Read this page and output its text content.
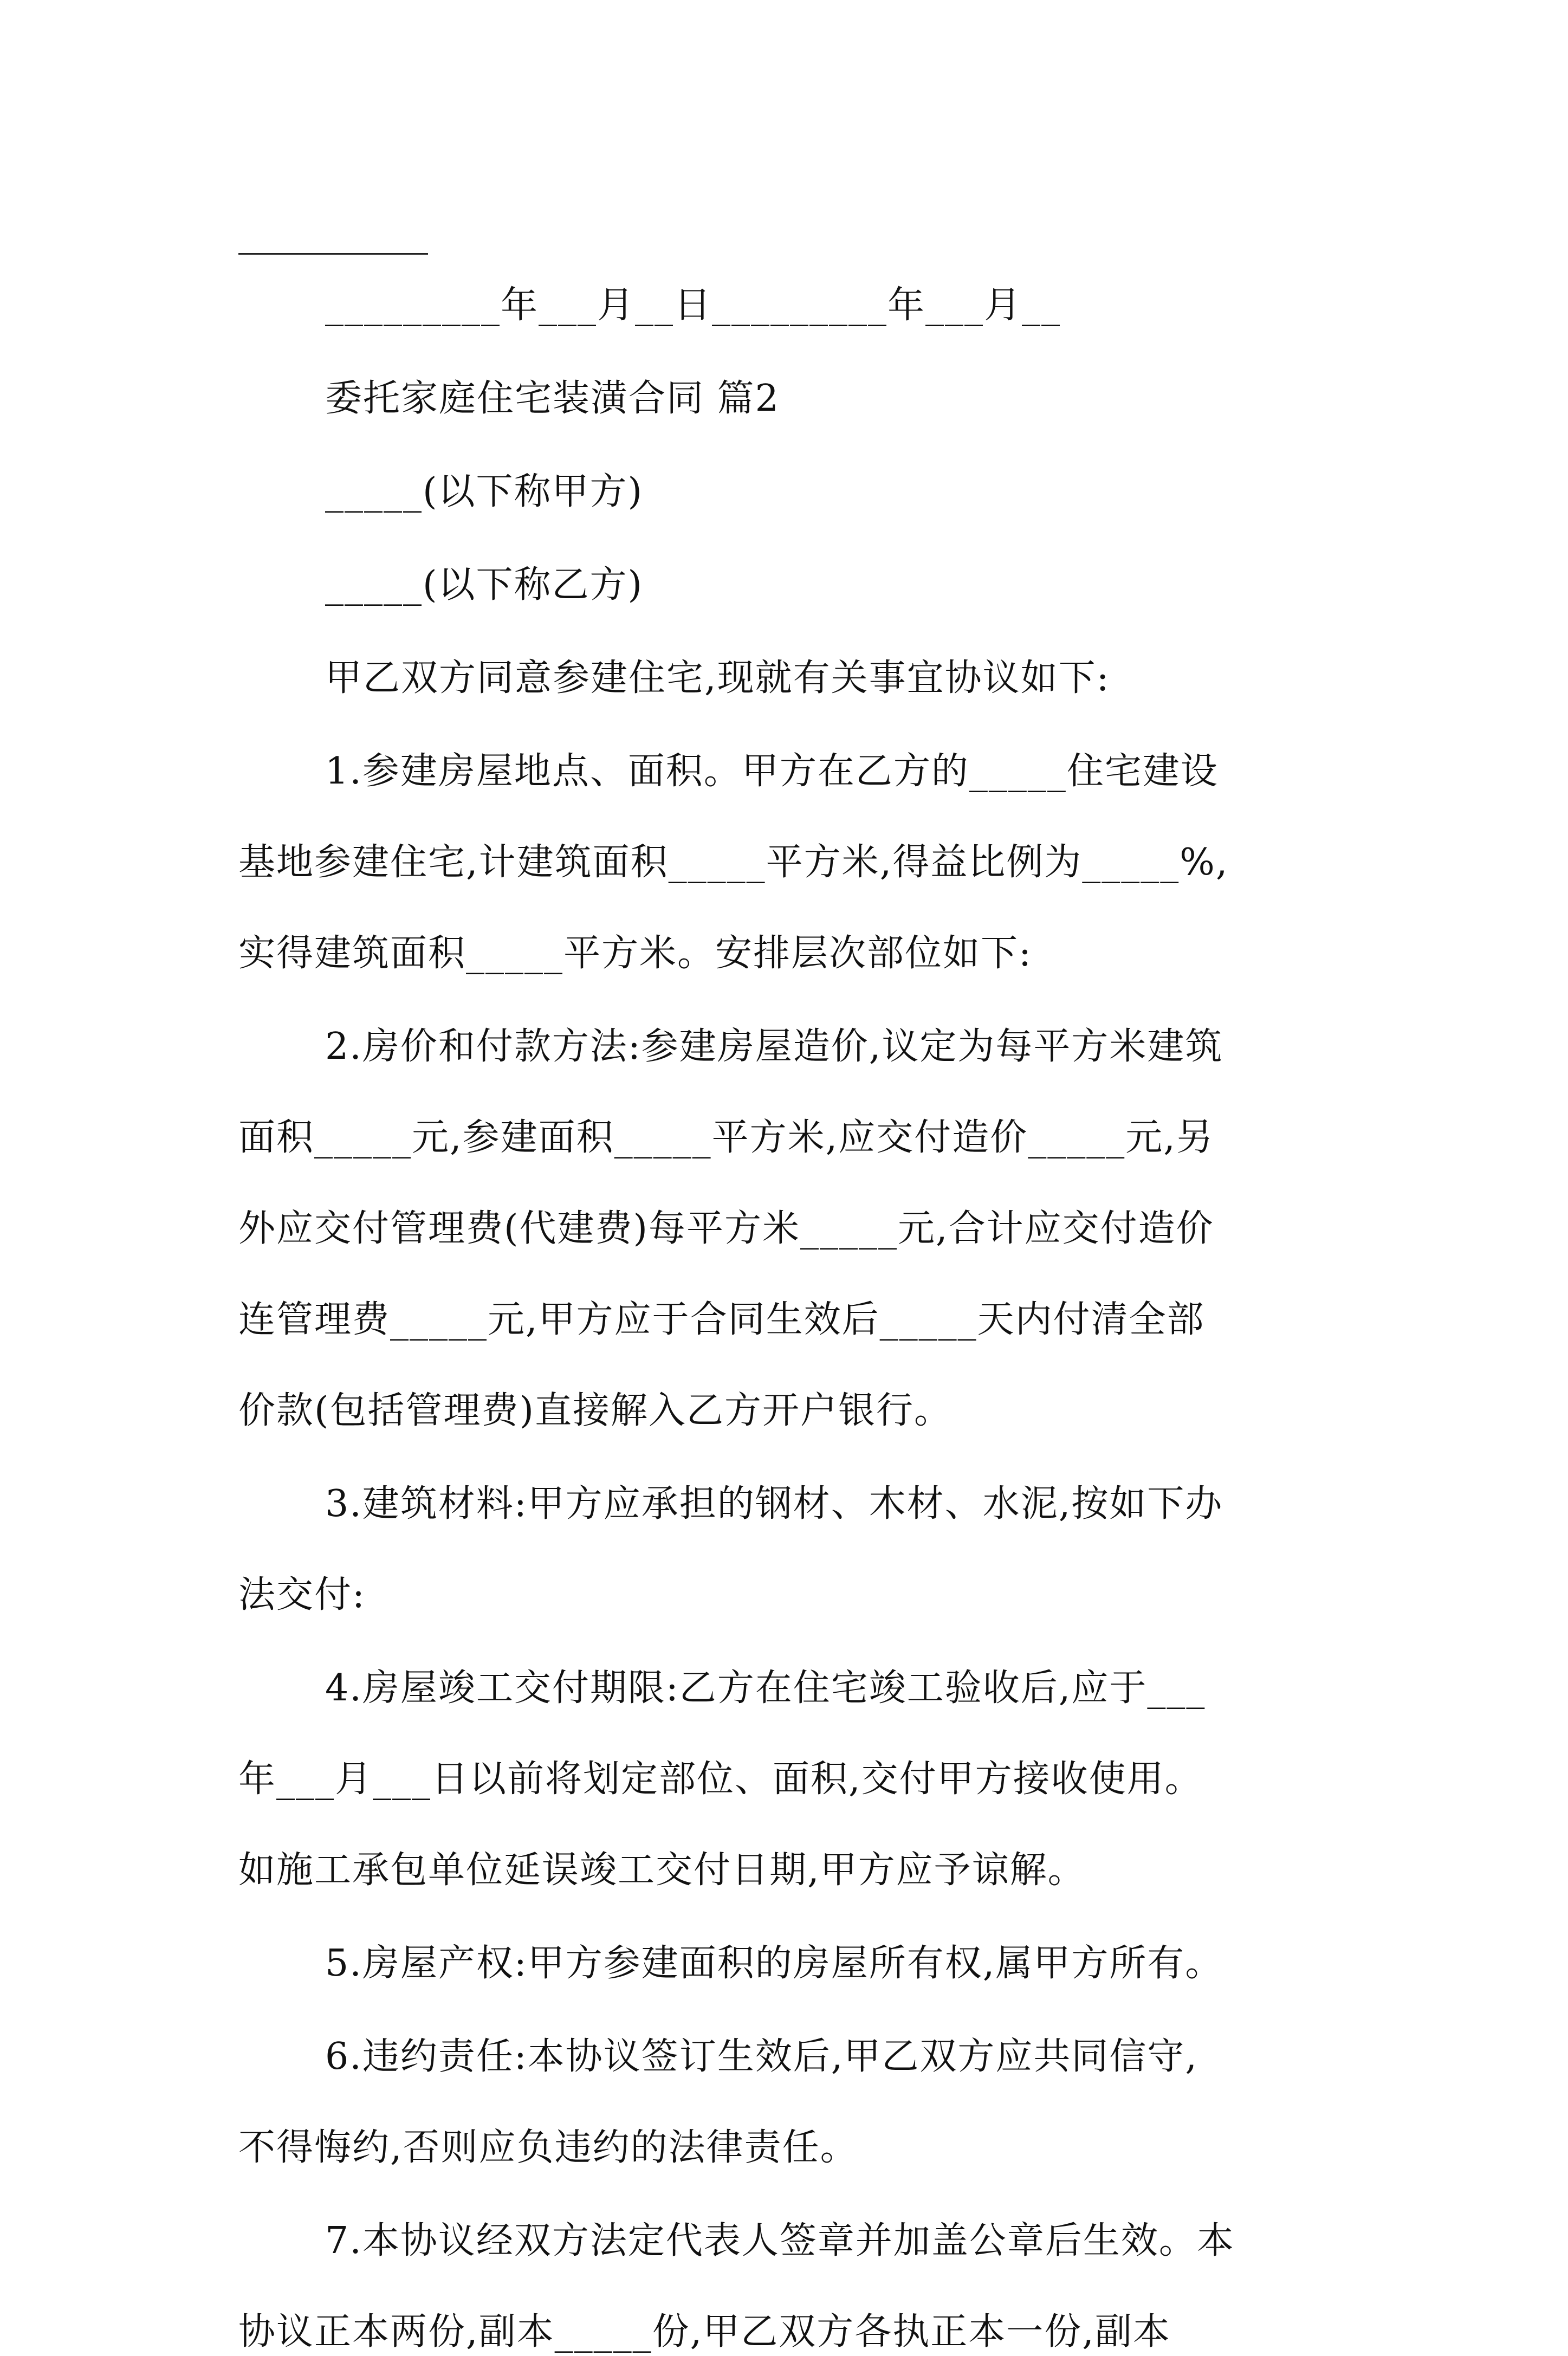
_________年___月__日_________年___月__

委托家庭住宅装潢合同 篇2

_____(以下称甲方)

_____(以下称乙方)

甲乙双方同意参建住宅,现就有关事宜协议如下:

1.参建房屋地点、面积。甲方在乙方的_____住宅建设

基地参建住宅,计建筑面积_____平方米,得益比例为_____%,

实得建筑面积_____平方米。安排层次部位如下:

2.房价和付款方法:参建房屋造价,议定为每平方米建筑

面积_____元,参建面积_____平方米,应交付造价_____元,另

外应交付管理费(代建费)每平方米_____元,合计应交付造价

连管理费_____元,甲方应于合同生效后_____天内付清全部

价款(包括管理费)直接解入乙方开户银行。

3.建筑材料:甲方应承担的钢材、木材、水泥,按如下办

法交付:

4.房屋竣工交付期限:乙方在住宅竣工验收后,应于___

年___月___日以前将划定部位、面积,交付甲方接收使用。

如施工承包单位延误竣工交付日期,甲方应予谅解。

5.房屋产权:甲方参建面积的房屋所有权,属甲方所有。

6.违约责任:本协议签订生效后,甲乙双方应共同信守,

不得悔约,否则应负违约的法律责任。

7.本协议经双方法定代表人签章并加盖公章后生效。本

协议正本两份,副本_____份,甲乙双方各执正本一份,副本
